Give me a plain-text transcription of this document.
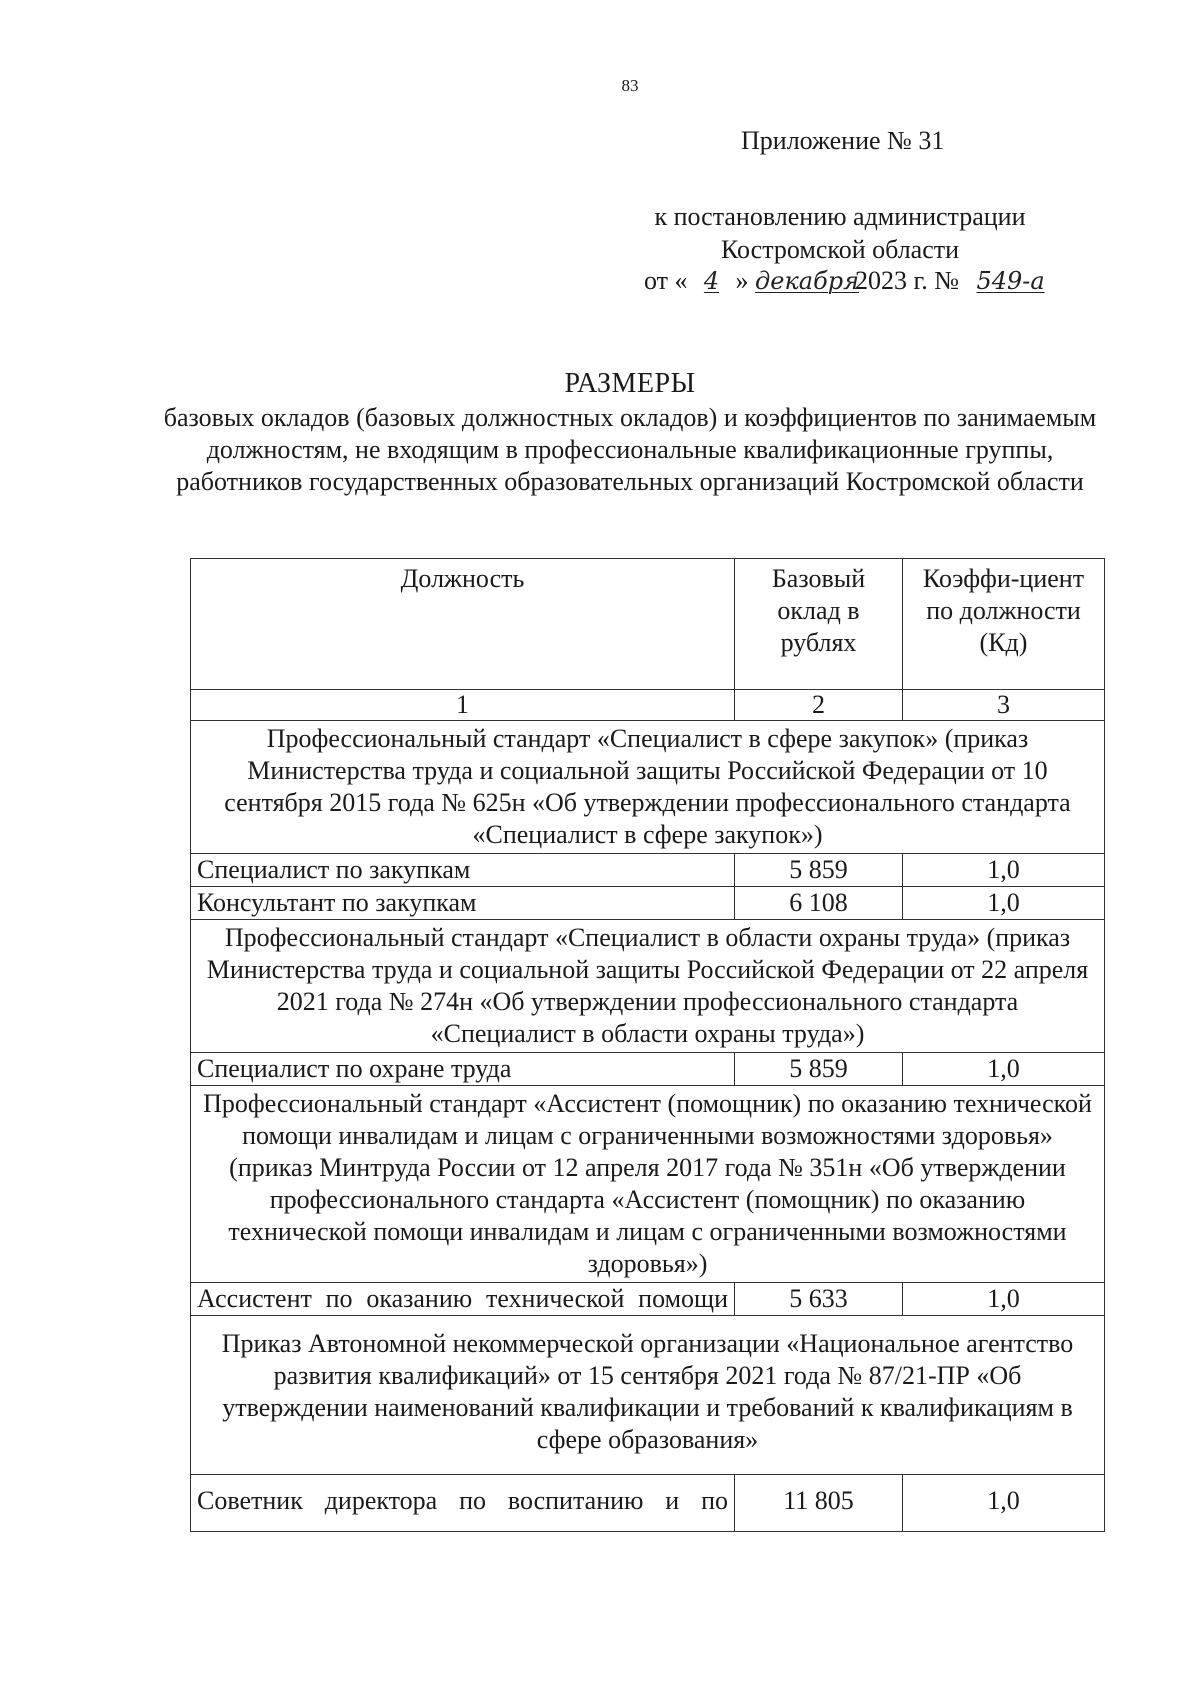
83
Приложение № 31
к постановлению администрации
Костромской области
от « 4 » декабря2023 г. № 549-а
РАЗМЕРЫ
базовых окладов (базовых должностных окладов) и коэффициентов по занимаемым должностям, не входящим в профессиональные квалификационные группы, работников государственных образовательных организаций Костромской области
Должность	Базовый оклад в рублях	Коэффи-циент по должности (Кд)
1	2	3
Профессиональный стандарт «Специалист в сфере закупок» (приказ Министерства труда и социальной защиты Российской Федерации от 10 сентября 2015 года № 625н «Об утверждении профессионального стандарта «Специалист в сфере закупок»)		
Специалист по закупкам	5 859	1,0
Консультант по закупкам	6 108	1,0
Профессиональный стандарт «Специалист в области охраны труда» (приказ Министерства труда и социальной защиты Российской Федерации от 22 апреля 2021 года № 274н «Об утверждении профессионального стандарта «Специалист в области охраны труда»)		
Специалист по охране труда	5 859	1,0
Профессиональный стандарт «Ассистент (помощник) по оказанию технической помощи инвалидам и лицам с ограниченными возможностями здоровья» (приказ Минтруда России от 12 апреля 2017 года № 351н «Об утверждении профессионального стандарта «Ассистент (помощник) по оказанию технической помощи инвалидам и лицам с ограниченными возможностями здоровья»)		
Ассистент по оказанию технической помощи	5 633	1,0
Приказ Автономной некоммерческой организации «Национальное агентство развития квалификаций» от 15 сентября 2021 года № 87/21-ПР «Об утверждении наименований квалификации и требований к квалификациям в сфере образования»		
Советник директора по воспитанию и по	11 805	1,0
